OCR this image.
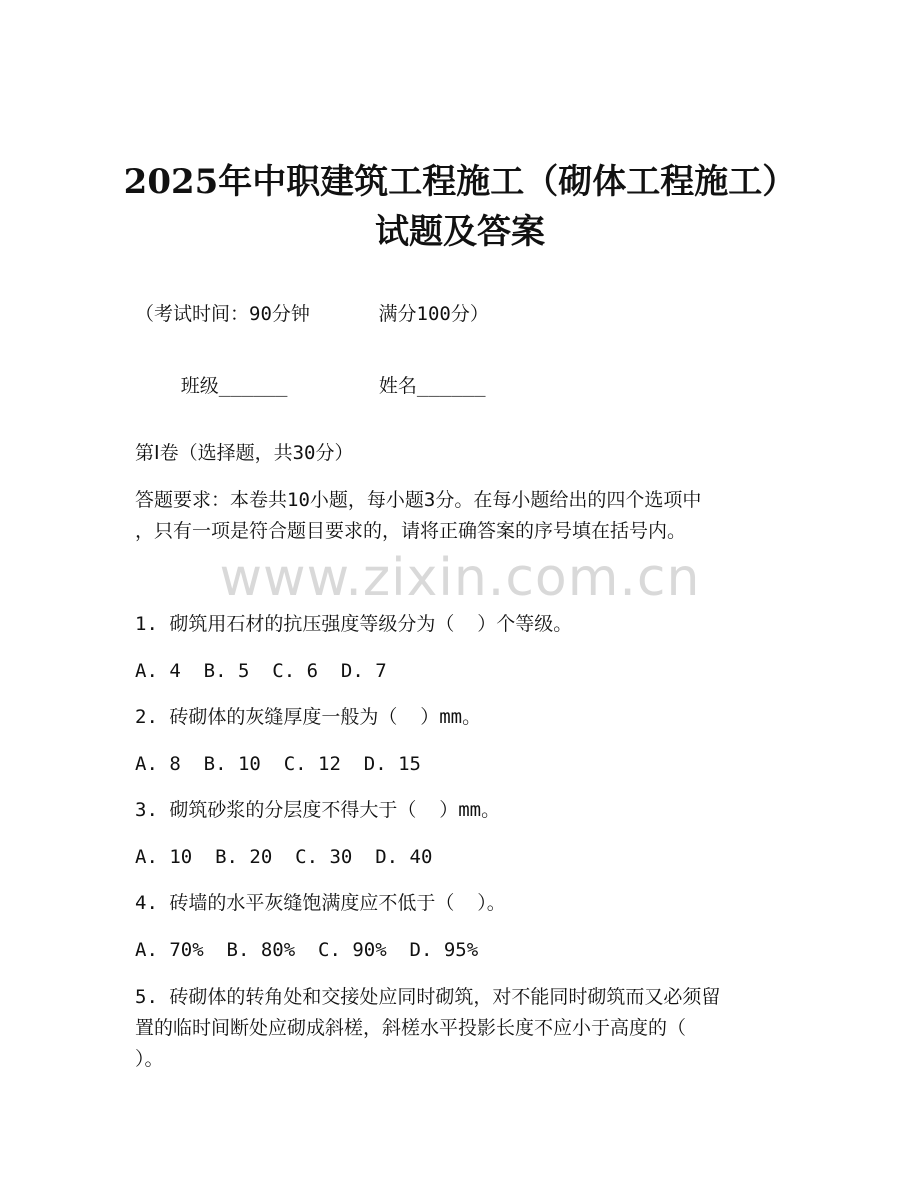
2025年中职建筑工程施工（砌体工程施工）
试题及答案
（考试时间：90分钟      满分100分）

班级______	姓名______

第Ⅰ卷（选择题，共30分）
答题要求：本卷共10小题，每小题3分。在每小题给出的四个选项中
，只有一项是符合题目要求的，请将正确答案的序号填在括号内。
www.zixin.com.cn
1. 砌筑用石材的抗压强度等级分为（  ）个等级。
A. 4  B. 5  C. 6  D. 7
2. 砖砌体的灰缝厚度一般为（  ）mm。
A. 8  B. 10  C. 12  D. 15
3. 砌筑砂浆的分层度不得大于（  ）mm。
A. 10  B. 20  C. 30  D. 40
4. 砖墙的水平灰缝饱满度应不低于（  ）。
A. 70%  B. 80%  C. 90%  D. 95%
5. 砖砌体的转角处和交接处应同时砌筑，对不能同时砌筑而又必须留
置的临时间断处应砌成斜槎，斜槎水平投影长度不应小于高度的（
）。
